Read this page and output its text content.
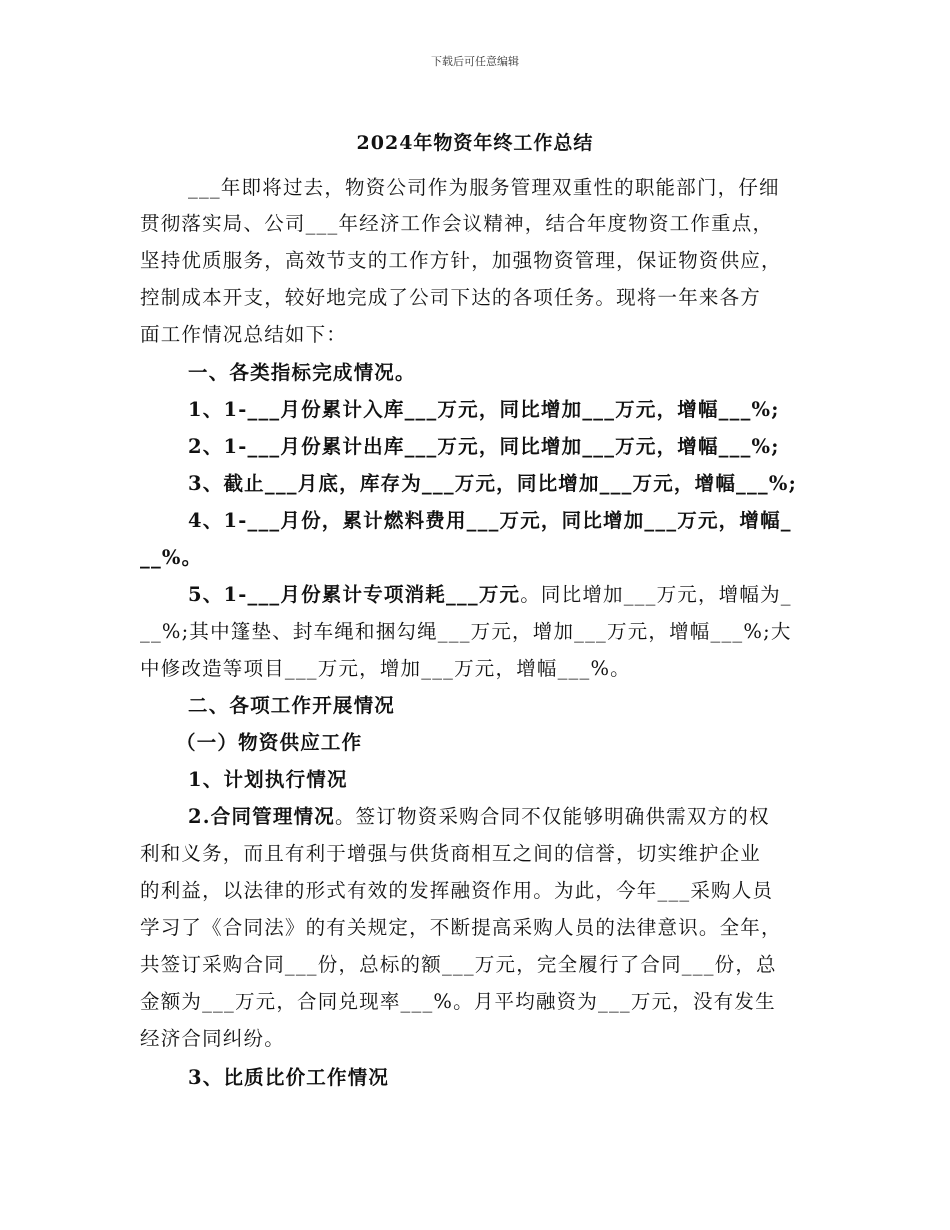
下载后可任意编辑
2024年物资年终工作总结
___年即将过去，物资公司作为服务管理双重性的职能部门，仔细
贯彻落实局、公司___年经济工作会议精神，结合年度物资工作重点，
坚持优质服务，高效节支的工作方针，加强物资管理，保证物资供应，
控制成本开支，较好地完成了公司下达的各项任务。现将一年来各方
面工作情况总结如下：
一、各类指标完成情况。
1、1-___月份累计入库___万元，同比增加___万元，增幅___%;
2、1-___月份累计出库___万元，同比增加___万元，增幅___%;
3、截止___月底，库存为___万元，同比增加___万元，增幅___%;
4、1-___月份，累计燃料费用___万元，同比增加___万元，增幅_
__%。
5、1-___月份累计专项消耗___万元。同比增加___万元，增幅为_
__%;其中篷垫、封车绳和捆勾绳___万元，增加___万元，增幅___%;大
中修改造等项目___万元，增加___万元，增幅___%。
二、各项工作开展情况
（一）物资供应工作
1、计划执行情况
2.合同管理情况。签订物资采购合同不仅能够明确供需双方的权
利和义务，而且有利于增强与供货商相互之间的信誉，切实维护企业
的利益，以法律的形式有效的发挥融资作用。为此，今年___采购人员
学习了《合同法》的有关规定，不断提高采购人员的法律意识。全年，
共签订采购合同___份，总标的额___万元，完全履行了合同___份，总
金额为___万元，合同兑现率___%。月平均融资为___万元，没有发生
经济合同纠纷。
3、比质比价工作情况
